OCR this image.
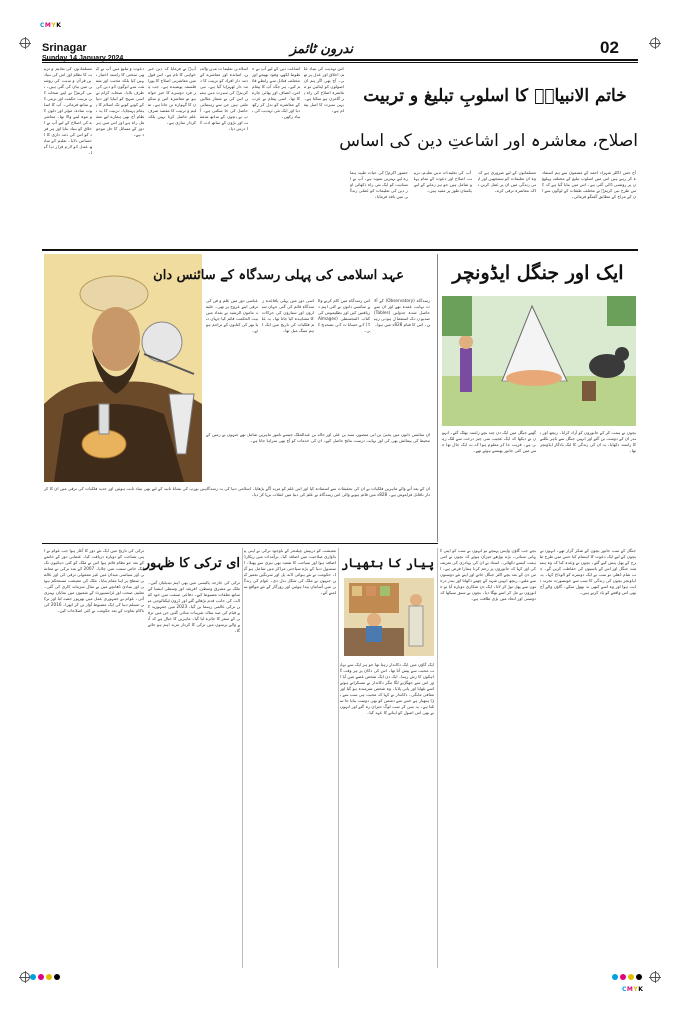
CMYK
Srinagar	ندرون ٹائمز	02
مسلمانوں کی تعلیم و تربیت کا نظام اور اس کی بنیادیں قرآن و سنت کی روشنی میں بیان کی گئی ہیں۔ نبی کریمؐ نے اپنے صحابہ کی تربیت حکمت اور نرمی کے ساتھ فرمائی۔ آپ کا اسلوب سادہ، مؤثر اور دلوں کو موہ لینے والا تھا۔ معاشرے کی اصلاح کے لیے آپ نے اخلاق کو بنیاد بنایا اور ہر فرد کو اس کی ذمہ داری کا احساس دلایا۔ تعلیم کے ساتھ عمل کو لازم قرار دیا گیا۔
دعوت و تبلیغ میں آپ نے کبھی سختی کا راستہ اختیار نہیں کیا بلکہ محبت اور شفقت سے لوگوں کو دین کی طرف بلایا۔ صحابہ کرام نے اسی منہج کو اپنایا اور دنیا کے کونے کونے تک اسلام کا پیغام پہنچایا۔ تربیت کا یہ نظام آج بھی ہمارے لیے مشعل راہ ہے اور اس میں ہر دور کے مسائل کا حل موجود ہے۔
آپؐ نے فرمایا کہ دین خیر خواہی کا نام ہے۔ اس قول میں معاشرتی اصلاح کا پورا فلسفہ پوشیدہ ہے۔ جب ہر فرد دوسرے کا خیر خواہ ہو تو معاشرہ امن و سکون کا گہوارہ بن جاتا ہے۔ تعلیم و تربیت کا مقصد صرف علم حاصل کرنا نہیں بلکہ کردار سازی ہے۔
اسلامی تعلیمات میں والدین، اساتذہ اور معاشرے کے ذمہ دار افراد کو تربیت کا ذمہ دار ٹھہرایا گیا ہے۔ نبی کریمؐ کی سیرت میں ہمیں اس کی بے شمار مثالیں ملتی ہیں جن سے رہنمائی حاصل کی جا سکتی ہے۔ آپ نے بچوں کے ساتھ شفقت اور بڑوں کے ساتھ ادب کا درس دیا۔
اشاعت دین کے لیے آپ نے خطوط لکھے، وفود بھیجے اور مختلف قبائل سے رابطے قائم کیے۔ ہر جگہ آپ کا پیغام امن، انصاف اور بھائی چارے کا تھا۔ اسی پیغام نے عرب کے معاشرے کو بدل کر رکھ دیا اور ایک نئی تہذیب کی بنیاد رکھی۔
اس تہذیب کی بنیاد علم، اخلاق اور عدل پر تھی۔ آج بھی اگر ہم ان اصولوں کو اپنائیں تو معاشرہ اصلاح کی راہ پر گامزن ہو سکتا ہے۔ یہی سیرت کا اصل پیغام ہے۔
خاتم الانبیاءؐ کا اسلوبِ تبلیغ و تربیت
اصلاح، معاشرہ اور اشاعتِ دین کی اساس
حضور اکرمؐ کی حیات طیبہ ہمارے لیے بہترین نمونہ ہے۔ آپ نے انسانیت کو ایک نئی راہ دکھائی اور دین کی تعلیمات کو عملی زندگی میں نافذ فرمایا۔
آپ کی تعلیمات میں تعلیم، تربیت، اصلاح اور دعوت کے تمام پہلو شامل ہیں جو ہر زمانے کے لیے یکساں طور پر مفید ہیں۔
مسلمانوں کے لیے ضروری ہے کہ وہ ان تعلیمات کو سمجھیں اور اپنی زندگی میں ان پر عمل کریں تاکہ معاشرہ ترقی کرے۔
آج جس ڈاکٹر شہزاد احمد کے مضمون سے ہم استفادہ کر رہے ہیں اس میں اسلوب تبلیغ کے مختلف پہلوؤں پر روشنی ڈالی گئی ہے۔ اس میں بتایا گیا ہے کہ کس طرح نبی کریمؐ نے مختلف طبقات کے لوگوں سے ان کے مزاج کے مطابق گفتگو فرمائی۔
عہد اسلامی کی پہلی رسدگاہ کے سائنس دان
عباسی دور میں علم و فن کی ترقی اپنے عروج پر تھی۔ خلیفہ مامون الرشید نے بغداد میں بیت الحکمت قائم کیا جہاں دنیا بھر کی کتابوں کے تراجم ہوئے۔
اسی دور میں پہلی باقاعدہ رسدگاہ قائم کی گئی جہاں سیاروں اور ستاروں کی حرکات کا مشاہدہ کیا جاتا تھا۔ یہ علم فلکیات کی تاریخ میں ایک اہم سنگ میل تھا۔
اس رسدگاہ میں کام کرنے والے سائنس دانوں نے کئی اہم دریافتیں کیں اور بطلیموس کی کتاب المجسطی (Almagest) کے حسابات کی تصحیح کی۔
رسدگاہ (Observatory) کے آلات نہایت عمدہ تھے اور ان سے حاصل شدہ جدولیں (Tables) صدیوں تک استعمال ہوتی رہیں۔ اس کا قیام 828ء میں ہوا۔
ان سائنس دانوں میں یحییٰ بن ابی منصور، سند بن علی اور خالد بن عبدالملک جیسے نامور ماہرین شامل تھے جنہوں نے زمین کے محیط کی پیمائش بھی کی اور نہایت درست نتائج حاصل کیے۔ ان کی خدمات کو آج بھی سراہا جاتا ہے۔
ان کے بعد آنے والے ماہرین فلکیات نے ان کی تحقیقات سے استفادہ کیا اور اس علم کو مزید آگے بڑھایا۔ اسلامی دنیا کی یہ رسدگاہیں یورپ کی نشاۃ ثانیہ کے لیے بھی بنیاد ثابت ہوئیں اور جدید فلکیات کی ترقی میں ان کا کردار ناقابل فراموش ہے۔ 828ء میں قائم ہونے والی اس رسدگاہ نے علم کی دنیا میں انقلاب برپا کر دیا۔
ایک اور جنگل ایڈونچر
گھنے جنگل میں ایک دن چند بچے راستہ بھٹک گئے۔ انہوں نے دیکھا کہ ایک عجیب سی چیز درخت سے لٹک رہی ہے۔ قریب جا کر معلوم ہوا کہ یہ ایک جال تھا جس میں کئی جانور پھنسے ہوئے تھے۔
بچوں نے ہمت کر کے جانوروں کو آزاد کرایا۔ ریچھ اور بندر ان کے دوست بن گئے اور انہیں جنگل سے باہر نکلنے کا راستہ دکھایا۔ یہ ان کی زندگی کا ایک یادگار ایڈونچر تھا۔
ای ترکی کا ظہور
ترکی کی تاریخ میں ایک نئے دور کا آغاز ہوا جب عوام نے اپنی شناخت کو دوبارہ دریافت کیا۔ عثمانی دور کے خاتمے کے بعد جو نظام قائم ہوا اس نے ملک کو کئی دہائیوں تک ایک خاص سمت میں چلایا۔ 2007 کے بعد ترکی نے معاشی اور سیاسی میدان میں غیر معمولی ترقی کی اور عالمی سطح پر اپنا مقام بنایا۔ ملک کی معیشت مستحکم ہوئی اور بنیادی ڈھانچے میں بے مثال سرمایہ کاری کی گئی۔ تعلیم، صحت اور ٹرانسپورٹ کے شعبوں میں نمایاں بہتری آئی۔ عوام نے جمہوری عمل میں بھرپور حصہ لیا اور ترکی مسلم دنیا کی ایک مضبوط آواز بن کر ابھرا۔ 2016 کی ناکام بغاوت کے بعد حکومت نے کئی اصلاحات کیں۔
ترکی کی خارجہ پالیسی میں بھی اہم تبدیلیاں آئیں۔ ملک نے مشرق وسطیٰ، افریقہ اور وسطی ایشیا کے ساتھ تعلقات مضبوط کیے۔ دفاعی صنعت میں خود کفالت کی جانب قدم بڑھائے گئے اور ڈرون ٹیکنالوجی میں ترکی عالمی رہنما بن گیا۔ 2023 میں جمہوریہ کے قیام کی صد سالہ تقریبات منائی گئیں جن میں ترقی کے سفر کا جائزہ لیا گیا۔ ماہرین کا خیال ہے کہ آنے والے برسوں میں ترکی کا کردار مزید اہم ہو جائے گا۔
معیشت کو درپیش چیلنجز کے باوجود ترکی نے اپنی پیداواری صلاحیت میں اضافہ کیا۔ برآمدات میں ریکارڈ اضافہ ہوا اور سیاحت کا شعبہ بھی تیزی سے پھیلا۔ استنبول دنیا کے بڑے سیاحتی مراکز میں شامل ہو گیا۔ حکومت نے نئے ہوائی اڈے، پل اور سرنگیں تعمیر کیں جنہوں نے ملک کی شکل بدل دی۔ عوام کی زندگی میں آسانیاں پیدا ہوئیں اور روزگار کے نئے مواقع سامنے آئے۔
پیار کا ہتھیار
ایک گاؤں میں ایک دکاندار رہتا تھا جو ہر ایک سے نہایت محبت سے پیش آتا تھا۔ اس کی دکان پر ہر وقت گاہکوں کا رش رہتا۔ ایک دن ایک شخص غصے میں آیا اور اس سے جھگڑنے لگا مگر دکاندار نے مسکراتے ہوئے اسے بٹھایا اور پانی پلایا۔ وہ شخص شرمندہ ہو گیا اور معافی مانگی۔ دکاندار نے کہا کہ محبت ہی سب سے بڑا ہتھیار ہے جس سے دشمن کو بھی دوست بنایا جا سکتا ہے۔ یہ سن کر سب لوگ حیران رہ گئے اور انہوں نے بھی اس اصول کو اپنانے کا عہد کیا۔
بچے جب گاؤں واپس پہنچے تو انہوں نے سب کو اپنی کہانی سنائی۔ بڑے بوڑھے حیران ہوئے کہ بچوں نے اتنی ہمت کیسے دکھائی۔ استاد نے ان کی بہادری کی تعریف کی اور کہا کہ جانوروں پر رحم کرنا ہمارا فرض ہے۔ اس دن کے بعد بچے اکثر جنگل جاتے اور اپنے نئے دوستوں سے ملتے۔ ریچھ انہیں شہد کے چھتے دکھاتا اور بندر درختوں سے پھل توڑ کر لاتا۔ ایک دن شکاری دوبارہ آیا تو جانوروں نے مل کر اسے بھگا دیا۔ بچوں نے سبق سیکھا کہ دوستی اور اتحاد میں بڑی طاقت ہے۔
جنگل کے سب جانور بچوں کے شکر گزار تھے۔ انہوں نے بچوں کے لیے ایک دعوت کا اہتمام کیا جس میں طرح طرح کے پھل پیش کیے گئے۔ بچوں نے وعدہ کیا کہ وہ ہمیشہ جنگل اور اس کے باسیوں کی حفاظت کریں گے۔ جب شام ڈھلی تو سب نے ایک دوسرے کو الوداع کہا۔ یہ ایڈونچر بچوں کی زندگی کا سب سے خوبصورت تجربہ ثابت ہوا اور وہ اسے کبھی نہ بھول سکے۔ گاؤں والے آج بھی اس واقعے کو یاد کرتے ہیں۔
CMYK
